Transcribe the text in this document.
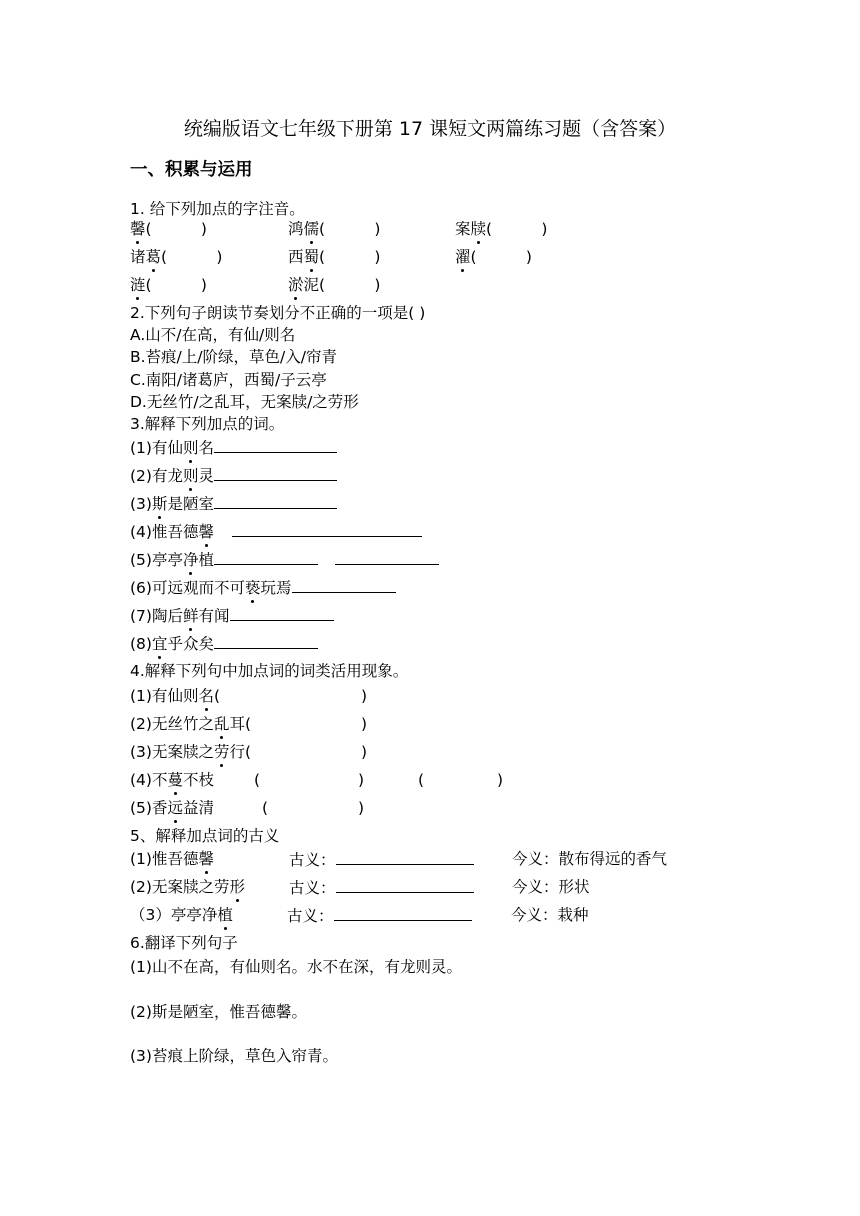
统编版语文七年级下册第 17 课短文两篇练习题（含答案）
一、积累与运用
1. 给下列加点的字注音。
馨(          )	鸿儒(          )	案牍(          )
诸葛(          )	西蜀(          )	濯(          )
涟(          )	淤泥(          )
2.下列句子朗读节奏划分不正确的一项是( )
A.山不/在高，有仙/则名
B.苔痕/上/阶绿，草色/入/帘青
C.南阳/诸葛庐，西蜀/子云亭
D.无丝竹/之乱耳，无案牍/之劳形
3.解释下列加点的词。
(1)有仙则名
(2)有龙则灵
(3)斯是陋室
(4)惟吾德馨
(5)亭亭净植
(6)可远观而不可亵玩焉
(7)陶后鲜有闻
(8)宜乎众矣
4.解释下列句中加点词的词类活用现象。
(1)有仙则名(	)
(2)无丝竹之乱耳(	)
(3)无案牍之劳行(	)
(4)不蔓不枝	(	)	(	)
(5)香远益清	(	)
5、解释加点词的古义
(1)惟吾德馨	古义：	今义：散布得远的香气
(2)无案牍之劳形	古义：	今义：形状
（3）亭亭净植	古义：	今义：栽种
6.翻译下列句子
(1)山不在高，有仙则名。水不在深，有龙则灵。
(2)斯是陋室，惟吾德馨。
(3)苔痕上阶绿，草色入帘青。
